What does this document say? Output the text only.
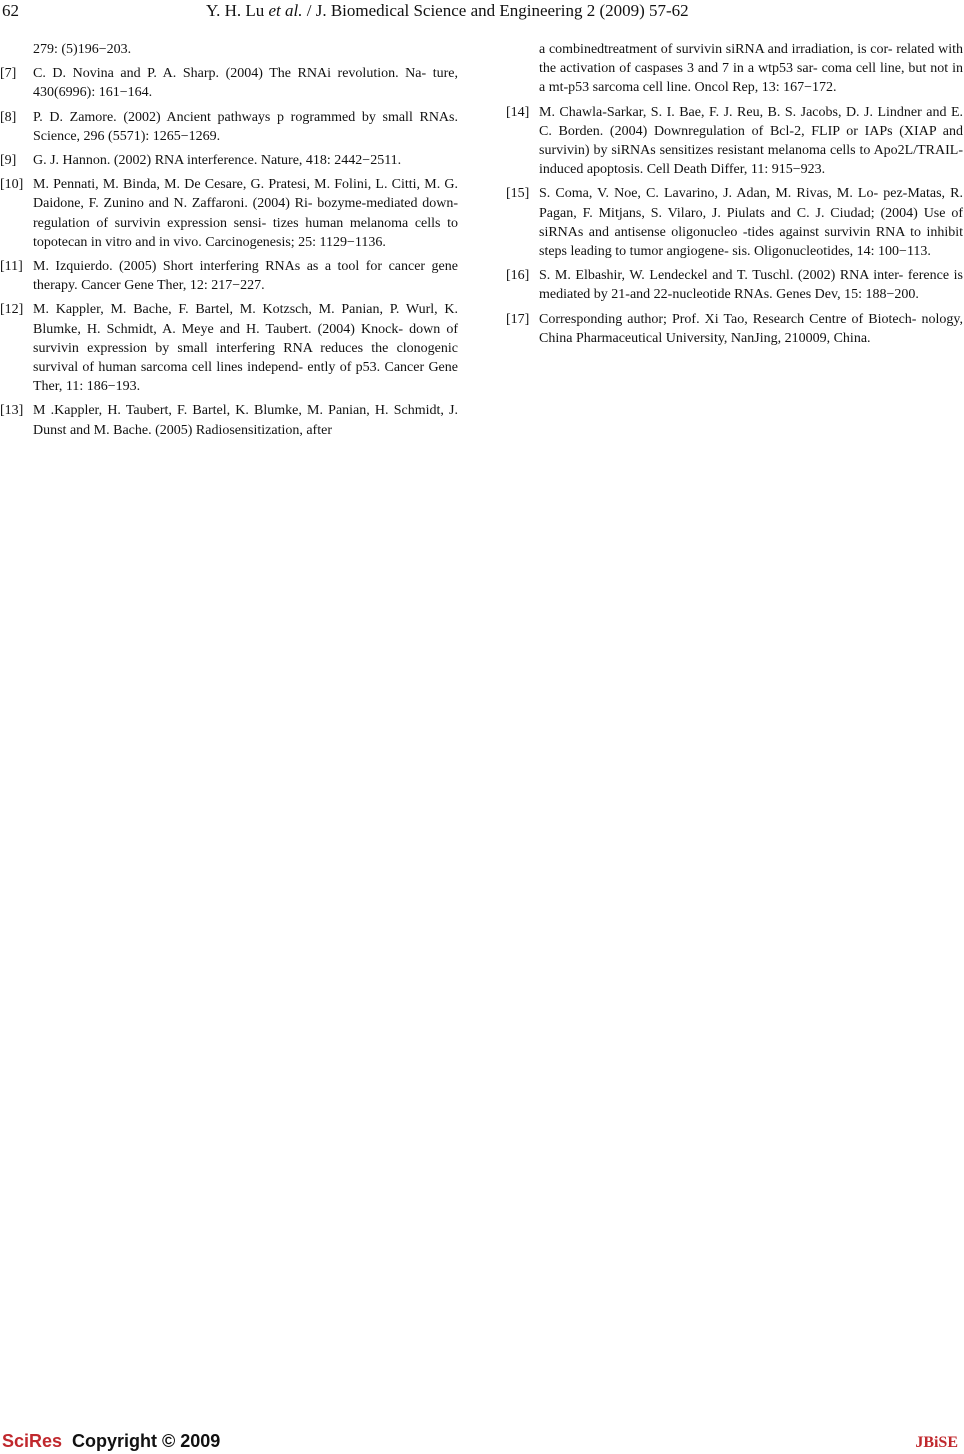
62	Y. H. Lu et al. / J. Biomedical Science and Engineering 2 (2009) 57-62

279: (5)196−203.

[7] C. D. Novina and P. A. Sharp. (2004) The RNAi revolution. Na- ture, 430(6996): 161−164.

[8] P. D. Zamore. (2002) Ancient pathways p rogrammed by small RNAs. Science, 296 (5571): 1265−1269.

[9] G. J. Hannon. (2002) RNA interference. Nature, 418: 2442−2511.

[10] M. Pennati, M. Binda, M. De Cesare, G. Pratesi, M. Folini, L. Citti, M. G. Daidone, F. Zunino and N. Zaffaroni. (2004) Ri- bozyme-mediated down-regulation of survivin expression sensi- tizes human melanoma cells to topotecan in vitro and in vivo. Carcinogenesis; 25: 1129−1136.

[11] M. Izquierdo. (2005) Short interfering RNAs as a tool for cancer gene therapy. Cancer Gene Ther, 12: 217−227.

[12] M. Kappler, M. Bache, F. Bartel, M. Kotzsch, M. Panian, P. Wurl, K. Blumke, H. Schmidt, A. Meye and H. Taubert. (2004) Knock- down of survivin expression by small interfering RNA reduces the clonogenic survival of human sarcoma cell lines independ- ently of p53. Cancer Gene Ther, 11: 186−193.

[13] M .Kappler, H. Taubert, F. Bartel, K. Blumke, M. Panian, H. Schmidt, J. Dunst and M. Bache. (2005) Radiosensitization, after

a combinedtreatment of survivin siRNA and irradiation, is cor- related with the activation of caspases 3 and 7 in a wtp53 sar- coma cell line, but not in a mt-p53 sarcoma cell line. Oncol Rep, 13: 167−172.

[14] M. Chawla-Sarkar, S. I. Bae, F. J. Reu, B. S. Jacobs, D. J. Lindner and E. C. Borden. (2004) Downregulation of Bcl-2, FLIP or IAPs (XIAP and survivin) by siRNAs sensitizes resistant melanoma cells to Apo2L/TRAIL-induced apoptosis. Cell Death Differ, 11: 915−923.

[15] S. Coma, V. Noe, C. Lavarino, J. Adan, M. Rivas, M. Lo- pez-Matas, R. Pagan, F. Mitjans, S. Vilaro, J. Piulats and C. J. Ciudad; (2004) Use of siRNAs and antisense oligonucleo -tides against survivin RNA to inhibit steps leading to tumor angiogene- sis. Oligonucleotides, 14: 100−113.

[16] S. M. Elbashir, W. Lendeckel and T. Tuschl. (2002) RNA inter- ference is mediated by 21-and 22-nucleotide RNAs. Genes Dev, 15: 188−200.

[17] Corresponding author; Prof. Xi Tao, Research Centre of Biotech- nology, China Pharmaceutical University, NanJing, 210009, China.

SciRes Copyright © 2009	JBiSE
